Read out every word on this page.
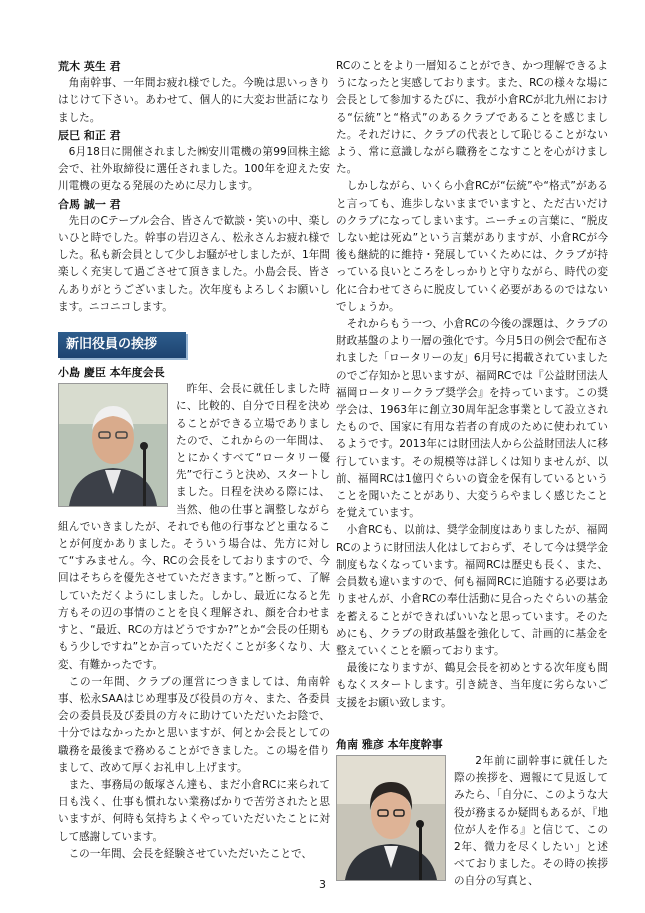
荒木 英生 君

角南幹事、一年間お疲れ様でした。今晩は思いっきりはじけて下さい。あわせて、個人的に大変お世話になりました。

辰巳 和正 君

6月18日に開催されました㈱安川電機の第99回株主総会で、社外取締役に選任されました。100年を迎えた安川電機の更なる発展のために尽力します。

合馬 誠一 君

先日のCテーブル会合、皆さんで歓談・笑いの中、楽しいひと時でした。幹事の岩辺さん、松永さんお疲れ様でした。私も新会員として少しお騒がせしましたが、1年間楽しく充実して過ごさせて頂きました。小島会長、皆さんありがとうございました。次年度もよろしくお願いします。ニコニコします。

新旧役員の挨拶

小島 慶臣 本年度会長

昨年、会長に就任しました時に、比較的、自分で日程を決めることができる立場でありましたので、これからの一年間は、とにかくすべて“ロータリー優先”で行こうと決め、スタートしました。日程を決める際には、当然、他の仕事と調整しながら組んでいきましたが、それでも他の行事などと重なることが何度かありました。そういう場合は、先方に対して“すみません。今、RCの会長をしておりますので、今回はそちらを優先させていただきます。”と断って、了解していただくようにしました。しかし、最近になると先方もその辺の事情のことを良く理解され、顔を合わせますと、“最近、RCの方はどうですか?”とか“会長の任期ももう少しですね”とか言っていただくことが多くなり、大変、有難かったです。

この一年間、クラブの運営につきましては、角南幹事、松永SAAはじめ理事及び役員の方々、また、各委員会の委員長及び委員の方々に助けていただいたお陰で、十分ではなかったかと思いますが、何とか会長としての職務を最後まで務めることができました。この場を借りまして、改めて厚くお礼申し上げます。

また、事務局の飯塚さん達も、まだ小倉RCに来られて日も浅く、仕事も慣れない業務ばかりで苦労されたと思いますが、何時も気持ちよくやっていただいたことに対して感謝しています。

この一年間、会長を経験させていただいたことで、

RCのことをより一層知ることができ、かつ理解できるようになったと実感しております。また、RCの様々な場に会長として参加するたびに、我が小倉RCが北九州における“伝統”と“格式”のあるクラブであることを感じました。それだけに、クラブの代表として恥じることがないよう、常に意識しながら職務をこなすことを心がけました。

しかしながら、いくら小倉RCが“伝統”や“格式”があると言っても、進歩しないままでいますと、ただ古いだけのクラブになってしまいます。ニーチェの言葉に、“脱皮しない蛇は死ぬ”という言葉がありますが、小倉RCが今後も継続的に維持・発展していくためには、クラブが持っている良いところをしっかりと守りながら、時代の変化に合わせてさらに脱皮していく必要があるのではないでしょうか。

それからもう一つ、小倉RCの今後の課題は、クラブの財政基盤のより一層の強化です。今月5日の例会で配布されました「ロータリーの友」6月号に掲載されていましたのでご存知かと思いますが、福岡RCでは『公益財団法人福岡ロータリークラブ奨学会』を持っています。この奨学会は、1963年に創立30周年記念事業として設立されたもので、国家に有用な若者の育成のために使われているようです。2013年には財団法人から公益財団法人に移行しています。その規模等は詳しくは知りませんが、以前、福岡RCは1億円ぐらいの資金を保有しているということを聞いたことがあり、大変うらやましく感じたことを覚えています。

小倉RCも、以前は、奨学金制度はありましたが、福岡RCのように財団法人化はしておらず、そして今は奨学金制度もなくなっています。福岡RCは歴史も長く、また、会員数も違いますので、何も福岡RCに追随する必要はありませんが、小倉RCの奉仕活動に見合ったぐらいの基金を蓄えることができればいいなと思っています。そのためにも、クラブの財政基盤を強化して、計画的に基金を整えていくことを願っております。

最後になりますが、鶴見会長を初めとする次年度も間もなくスタートします。引き続き、当年度に劣らないご支援をお願い致します。

角南 雅彦 本年度幹事

2年前に副幹事に就任した際の挨拶を、週報にて見返してみたら、「自分に、このような大役が務まるか疑問もあるが、『地位が人を作る』と信じて、この2年、微力を尽くしたい」と述べておりました。その時の挨拶の自分の写真と、

3
